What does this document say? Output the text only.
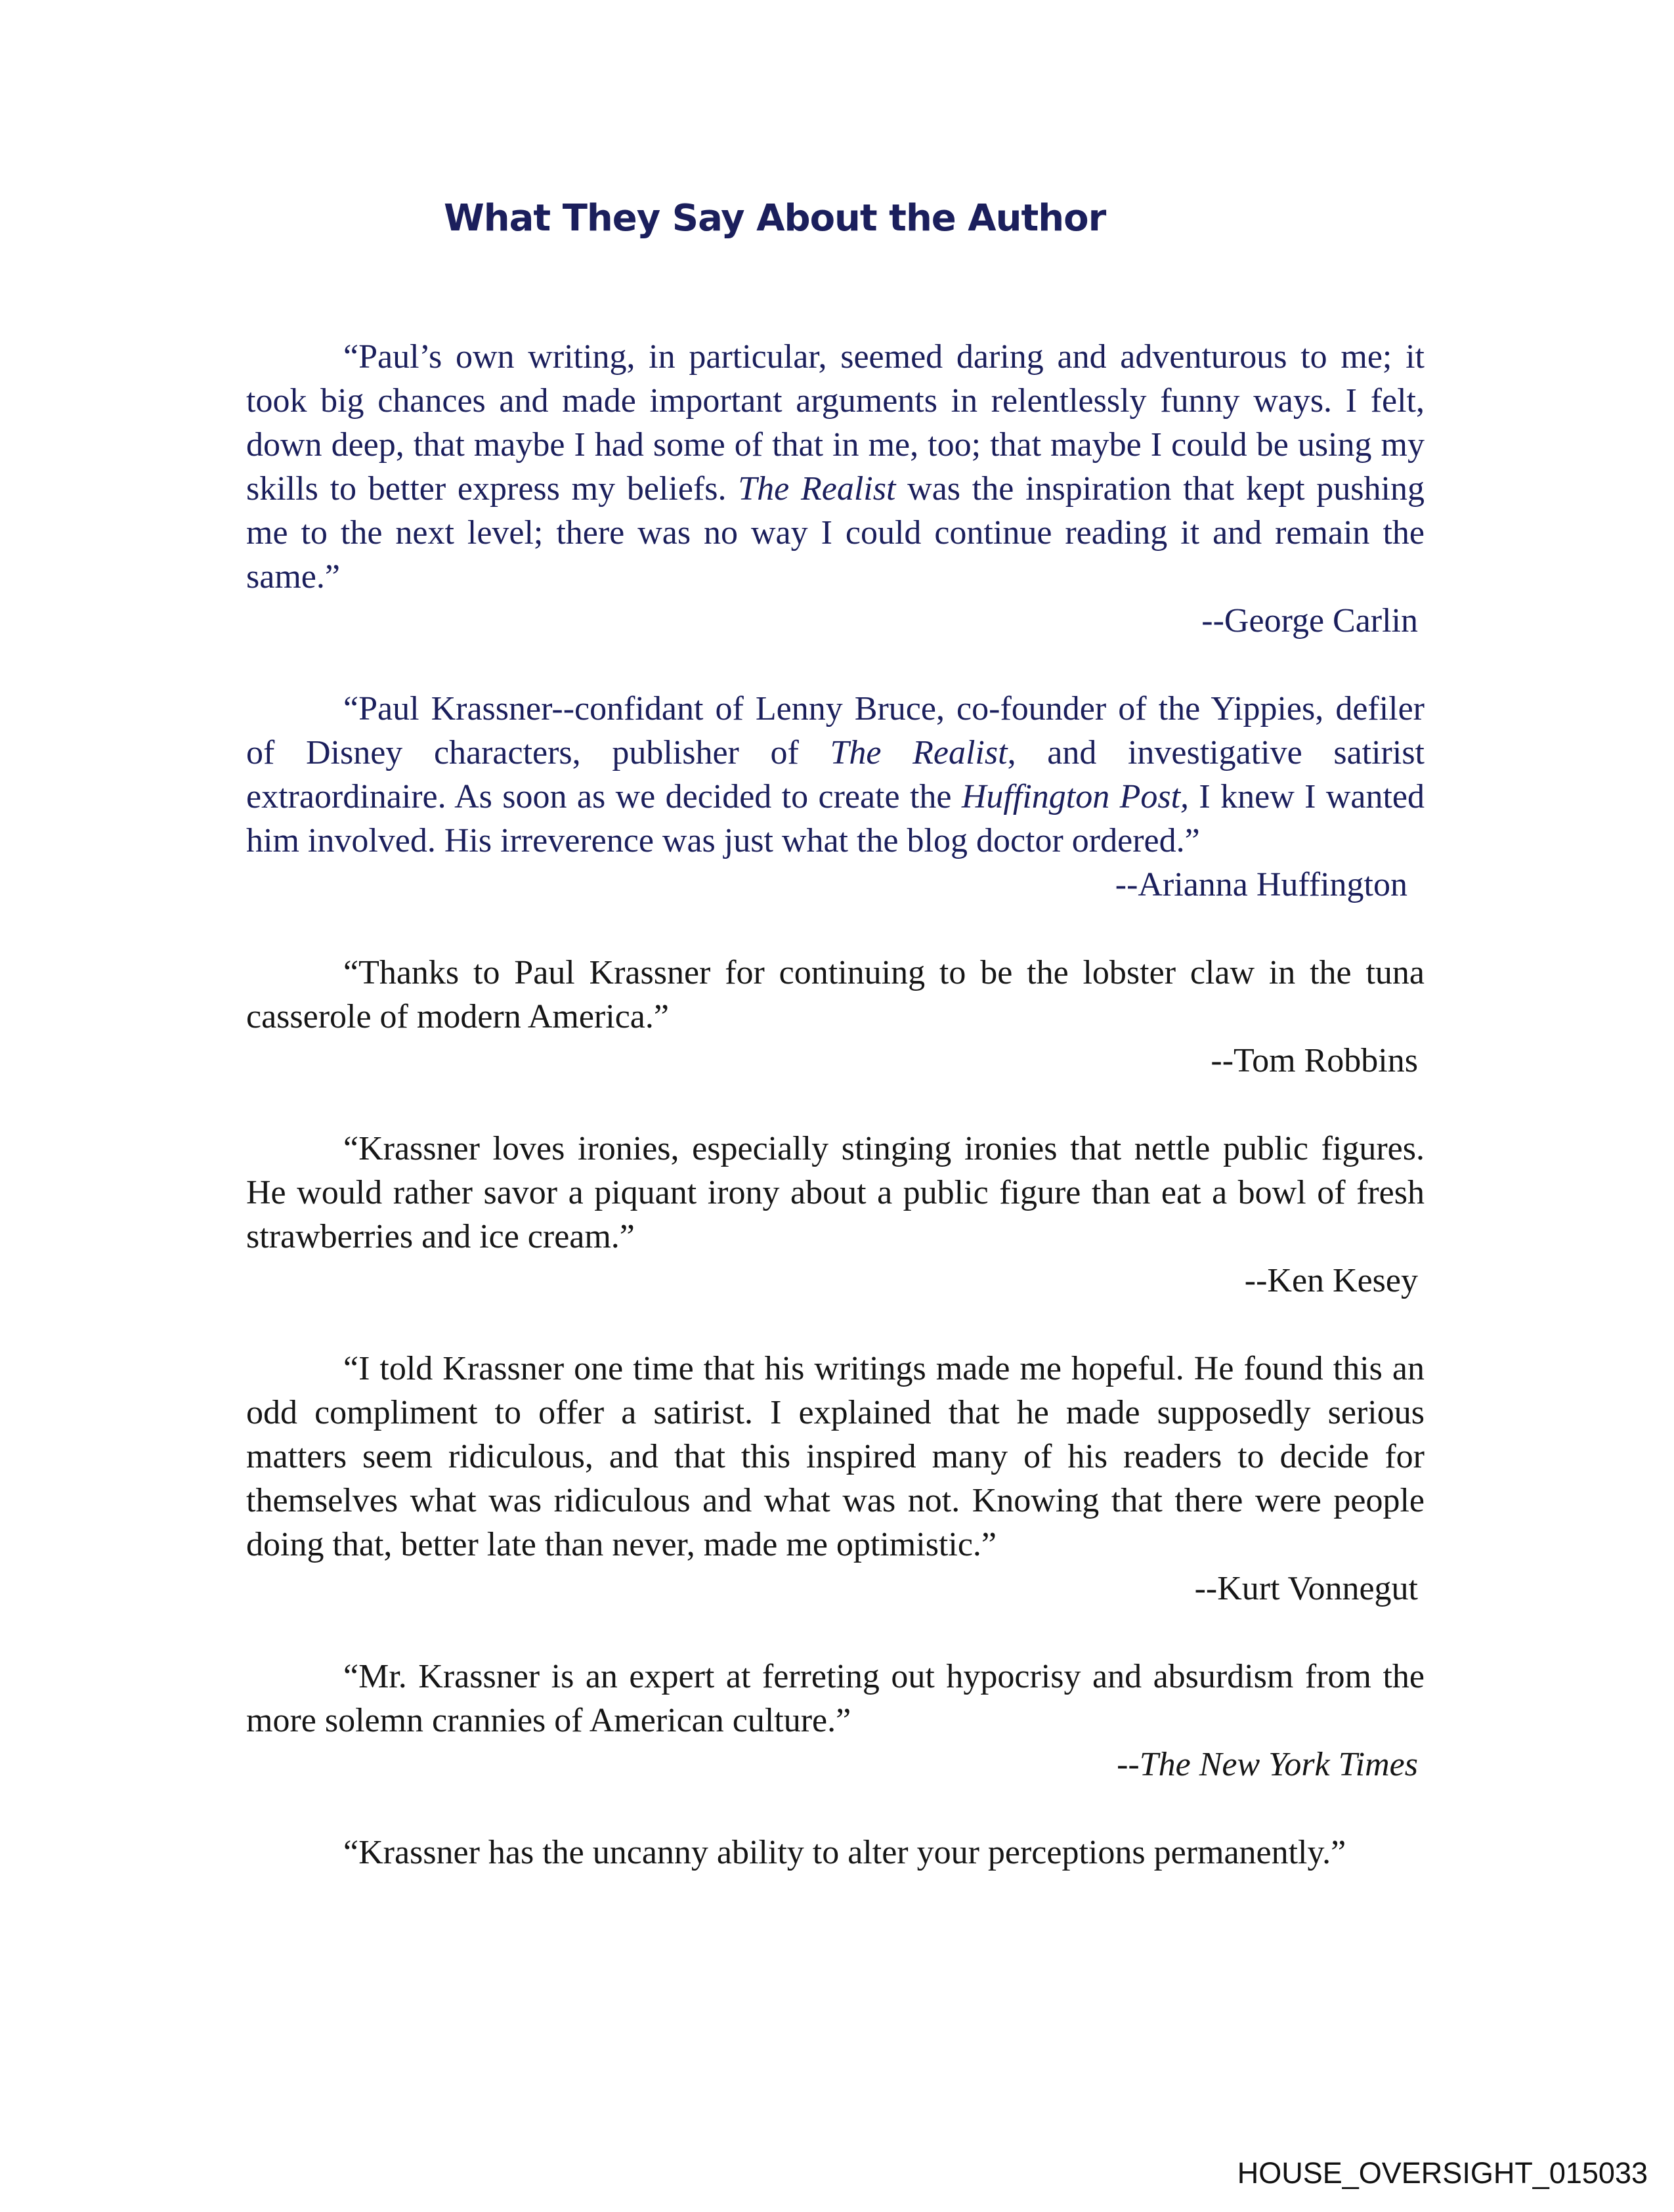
What They Say About the Author

“Paul’s own writing, in particular, seemed daring and adventurous to me; it took big chances and made important arguments in relentlessly funny ways. I felt, down deep, that maybe I had some of that in me, too; that maybe I could be using my skills to better express my beliefs. The Realist was the inspiration that kept pushing me to the next level; there was no way I could continue reading it and remain the same.”

--George Carlin

“Paul Krassner--confidant of Lenny Bruce, co-founder of the Yippies, defiler of Disney characters, publisher of The Realist, and investigative satirist extraordinaire. As soon as we decided to create the Huffington Post, I knew I wanted him involved. His irreverence was just what the blog doctor ordered.”

--Arianna Huffington

“Thanks to Paul Krassner for continuing to be the lobster claw in the tuna casserole of modern America.”

--Tom Robbins

“Krassner loves ironies, especially stinging ironies that nettle public figures. He would rather savor a piquant irony about a public figure than eat a bowl of fresh strawberries and ice cream.”

--Ken Kesey

“I told Krassner one time that his writings made me hopeful. He found this an odd compliment to offer a satirist. I explained that he made supposedly serious matters seem ridiculous, and that this inspired many of his readers to decide for themselves what was ridiculous and what was not. Knowing that there were people doing that, better late than never, made me optimistic.”

--Kurt Vonnegut

“Mr. Krassner is an expert at ferreting out hypocrisy and absurdism from the more solemn crannies of American culture.”

--The New York Times

“Krassner has the uncanny ability to alter your perceptions permanently.”

HOUSE_OVERSIGHT_015033
